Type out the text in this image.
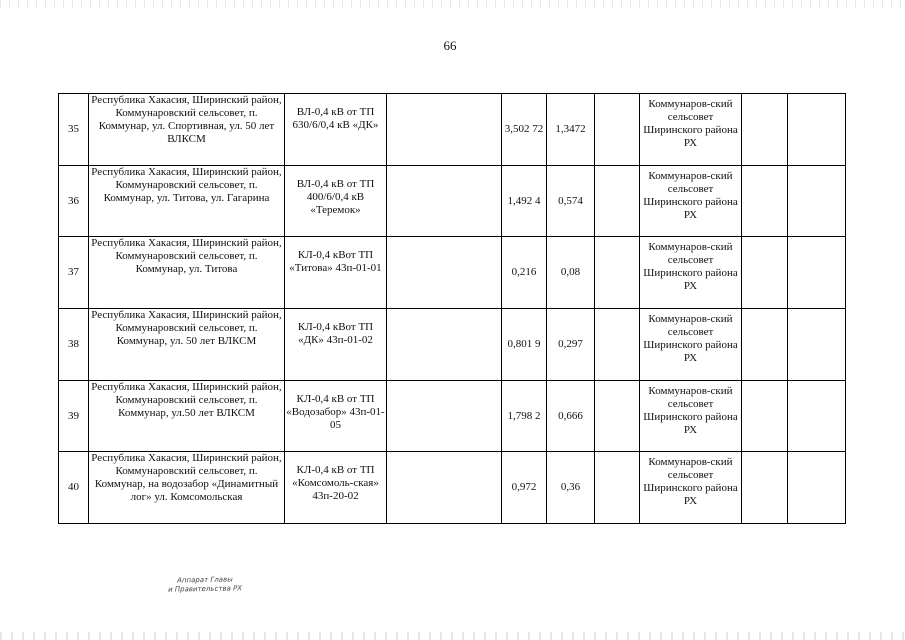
66
35	Республика Хакасия, Ширинский район, Коммунаровский сельсовет, п. Коммунар, ул. Спортивная, ул. 50 лет ВЛКСМ	ВЛ-0,4 кВ от ТП 630/6/0,4 кВ «ДК»		3,502 72	1,3472		Коммунаров-ский сельсовет Ширинского района РХ		
36	Республика Хакасия, Ширинский район, Коммунаровский сельсовет, п. Коммунар, ул. Титова, ул. Гагарина	ВЛ-0,4 кВ от ТП 400/6/0,4 кВ «Теремок»		1,492 4	0,574		Коммунаров-ский сельсовет Ширинского района РХ		
37	Республика Хакасия, Ширинский район, Коммунаровский сельсовет, п. Коммунар, ул. Титова	КЛ-0,4 кВот ТП «Титова» 43п-01-01		0,216	0,08		Коммунаров-ский сельсовет Ширинского района РХ		
38	Республика Хакасия, Ширинский район, Коммунаровский сельсовет, п. Коммунар, ул. 50 лет ВЛКСМ	КЛ-0,4 кВот ТП «ДК» 43п-01-02		0,801 9	0,297		Коммунаров-ский сельсовет Ширинского района РХ		
39	Республика Хакасия, Ширинский район, Коммунаровский сельсовет, п. Коммунар, ул.50 лет ВЛКСМ	КЛ-0,4 кВ от ТП «Водозабор» 43п-01-05		1,798 2	0,666		Коммунаров-ский сельсовет Ширинского района РХ		
40	Республика Хакасия, Ширинский район, Коммунаровский сельсовет, п. Коммунар, на водозабор «Динамитный лог» ул. Комсомольская	КЛ-0,4 кВ от ТП «Комсомоль-ская» 43п-20-02		0,972	0,36		Коммунаров-ский сельсовет Ширинского района РХ		
Аппарат Главы
и Правительства РХ
